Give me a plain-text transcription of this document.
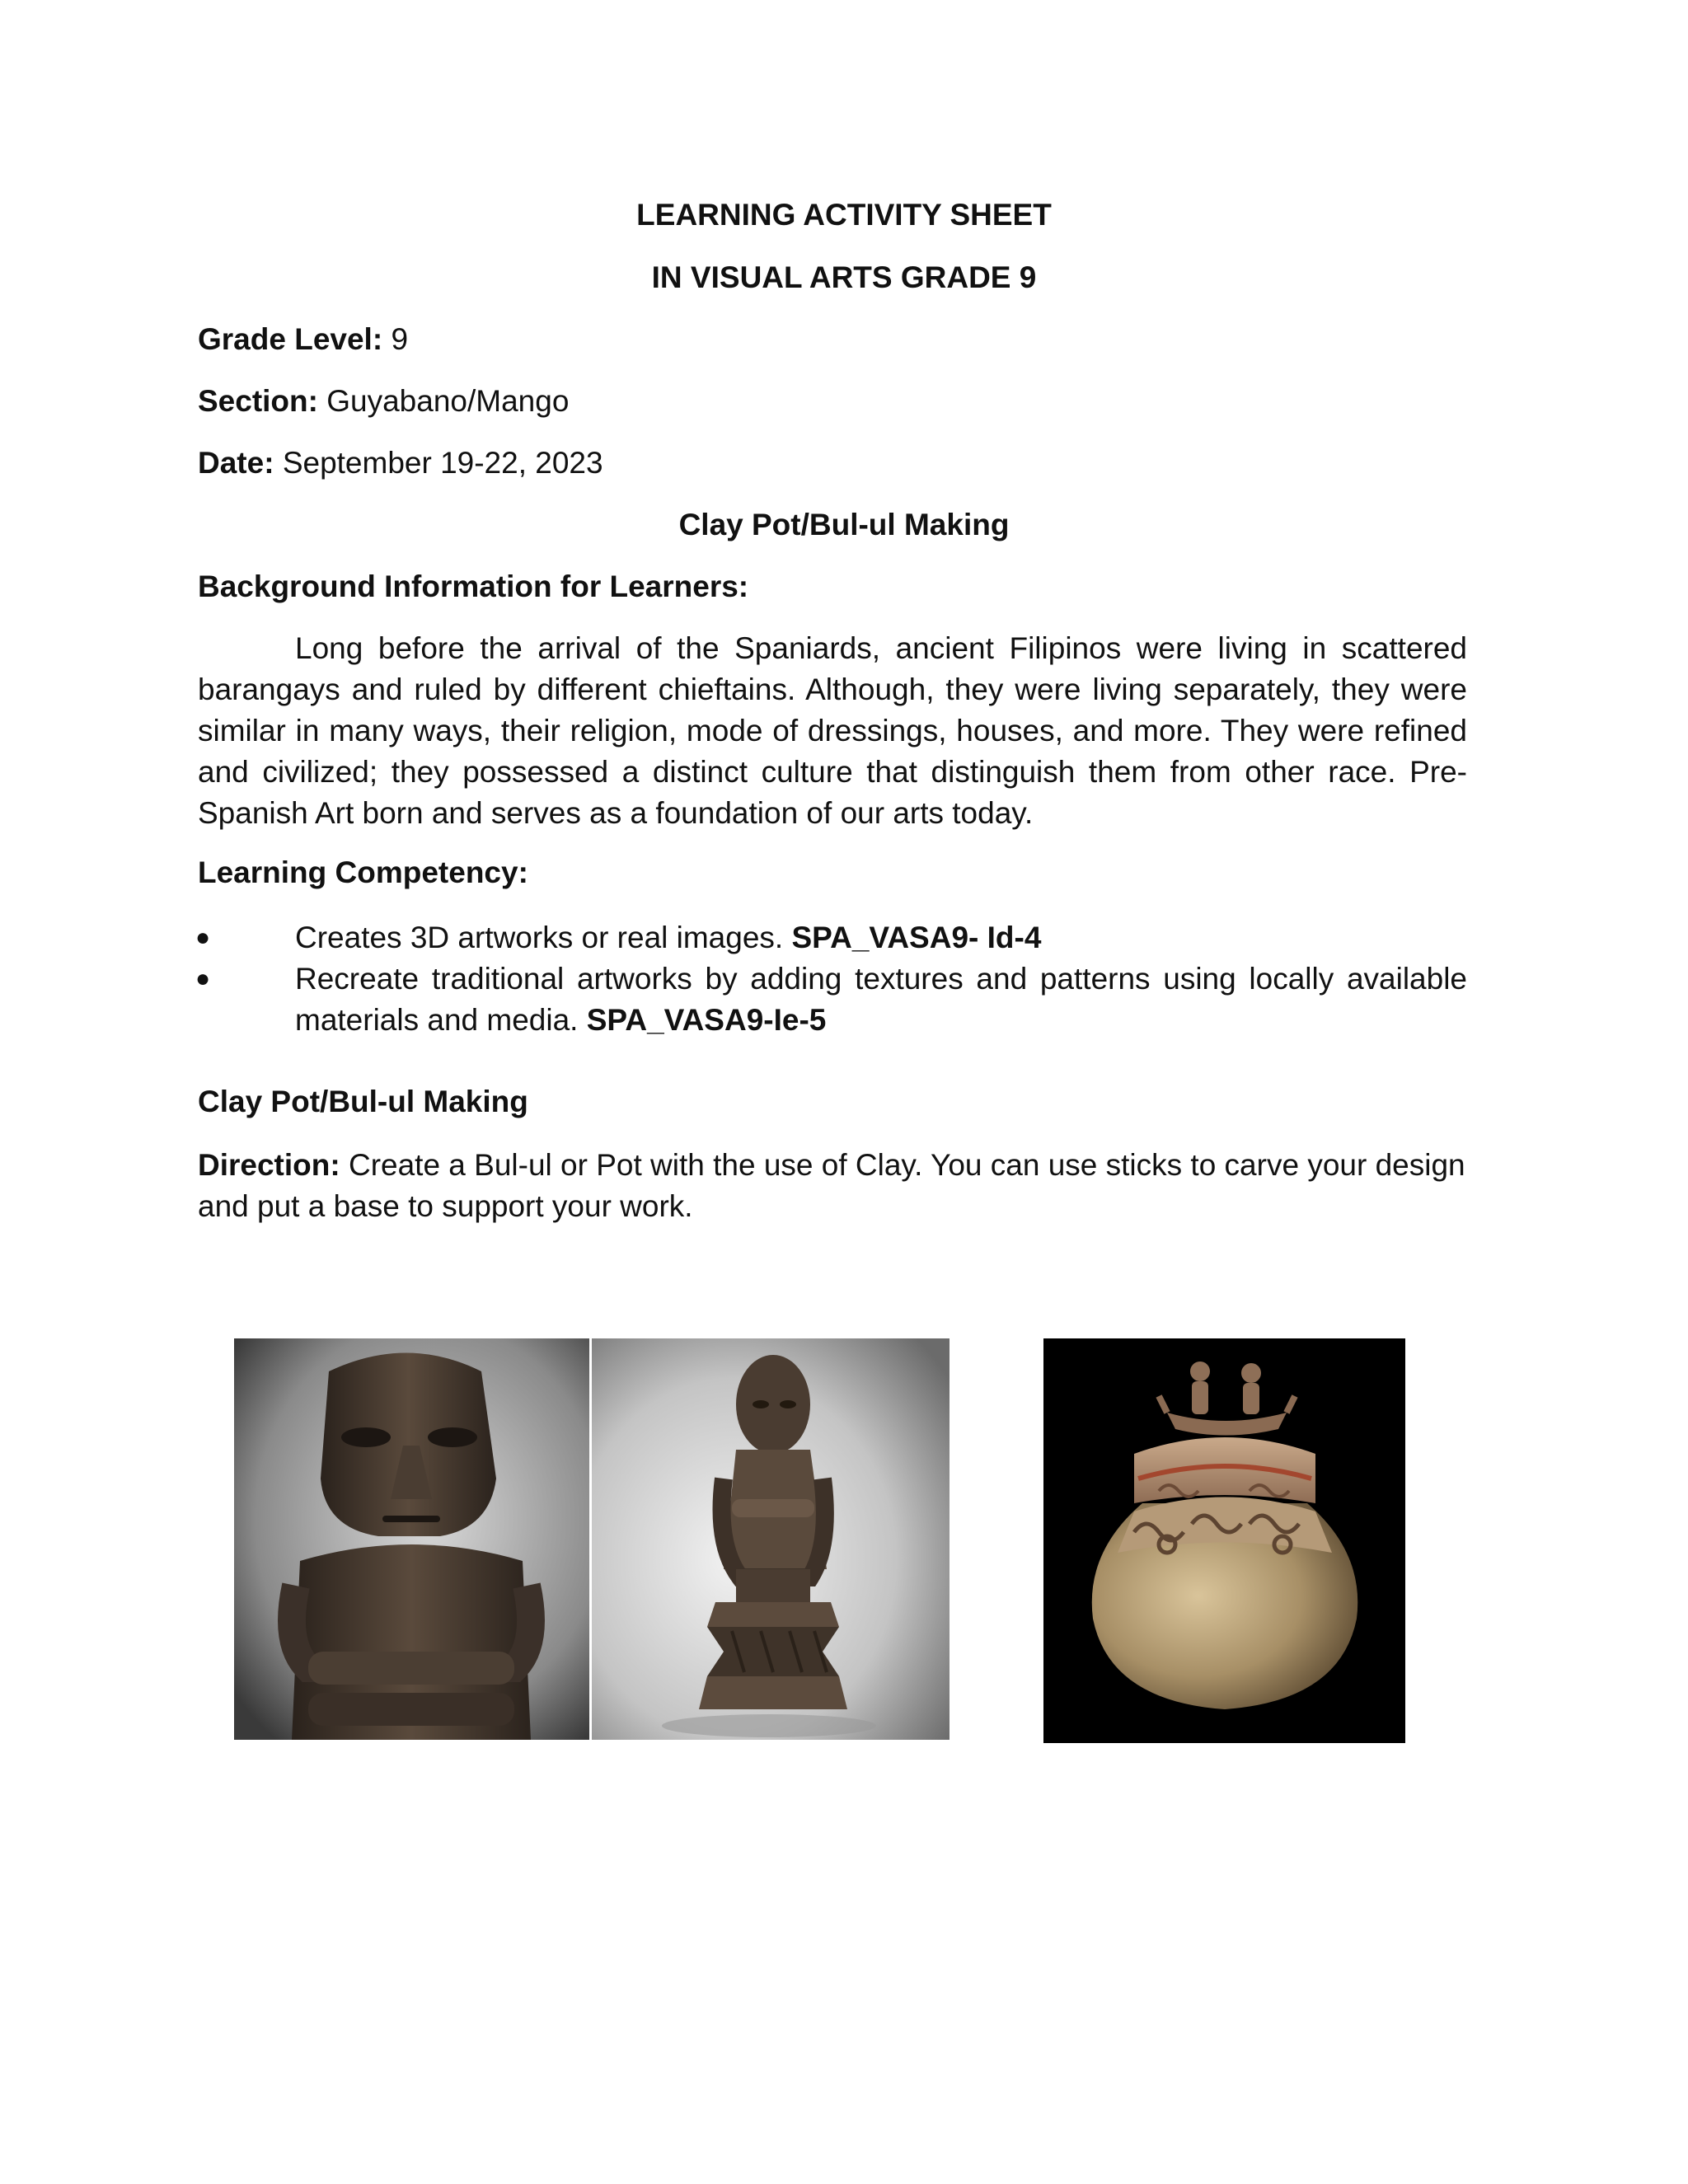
LEARNING ACTIVITY SHEET
IN VISUAL ARTS GRADE 9
Grade Level: 9
Section: Guyabano/Mango
Date: September 19-22, 2023
Clay Pot/Bul-ul Making
Background Information for Learners:
Long before the arrival of the Spaniards, ancient Filipinos were living in scattered barangays and ruled by different chieftains. Although, they were living separately, they were similar in many ways, their religion, mode of dressings, houses, and more. They were refined and civilized; they possessed a distinct culture that distinguish them from other race. Pre-Spanish Art born and serves as a foundation of our arts today.
Learning Competency:
●	Creates 3D artworks or real images. SPA_VASA9- Id-4
●	Recreate traditional artworks by adding textures and patterns using locally available materials and media. SPA_VASA9-Ie-5
Clay Pot/Bul-ul Making
Direction: Create a Bul-ul or Pot with the use of Clay. You can use sticks to carve your design and put a base to support your work.
